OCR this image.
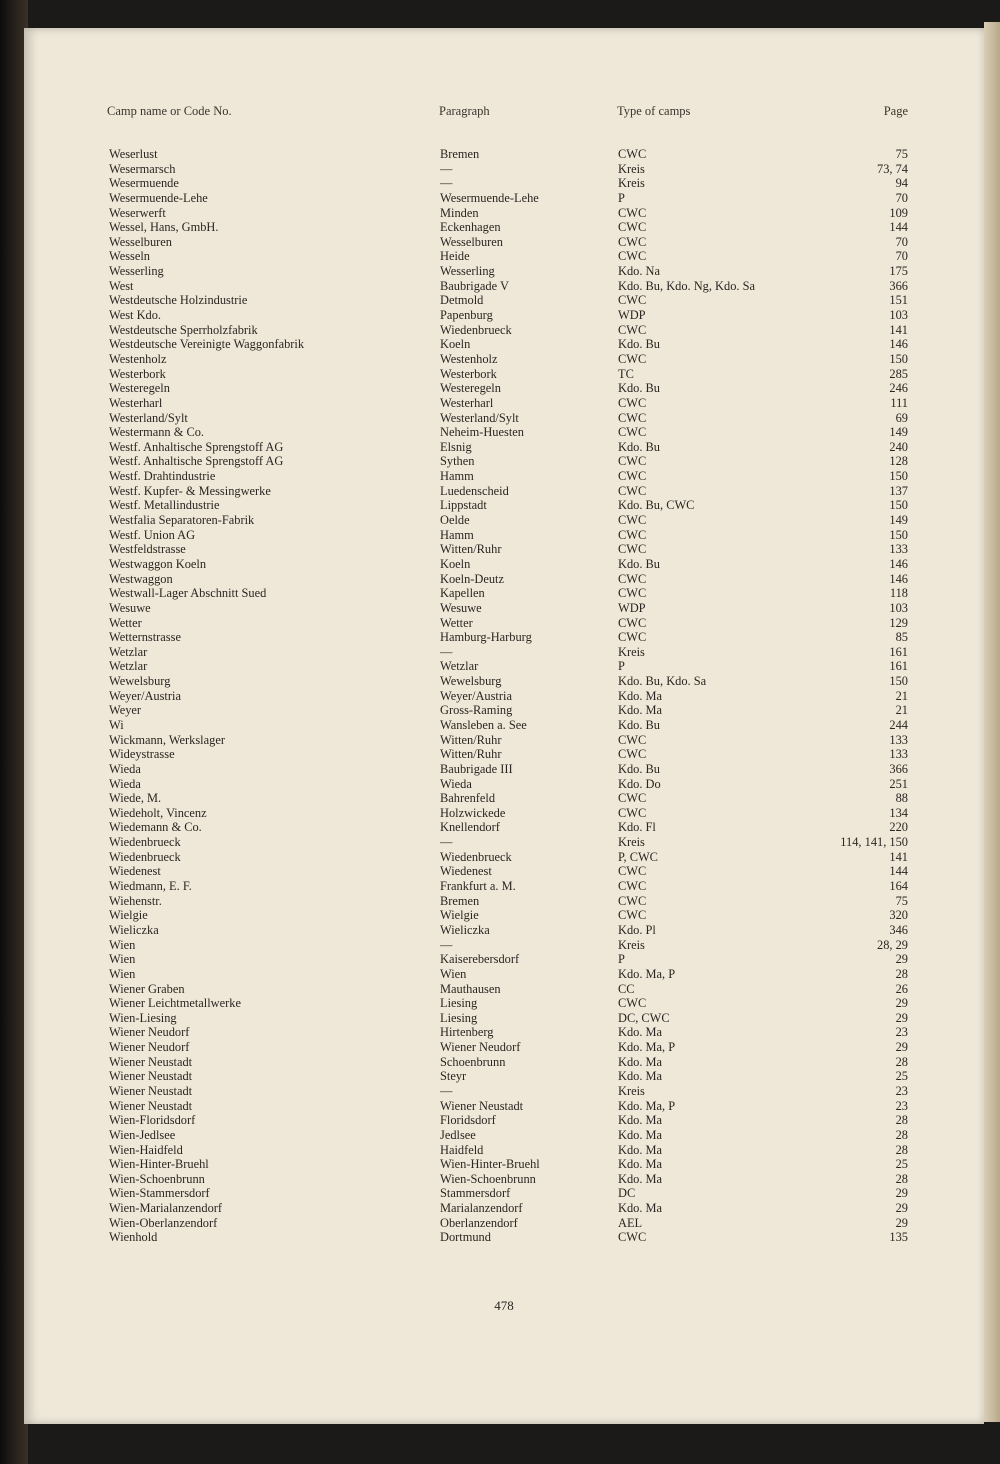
Camp name or Code No.	Paragraph	Type of camps	Page
Weserlust	Bremen	CWC	75
Wesermarsch	—	Kreis	73, 74
Wesermuende	—	Kreis	94
Wesermuende-Lehe	Wesermuende-Lehe	P	70
Weserwerft	Minden	CWC	109
Wessel, Hans, GmbH.	Eckenhagen	CWC	144
Wesselburen	Wesselburen	CWC	70
Wesseln	Heide	CWC	70
Wesserling	Wesserling	Kdo. Na	175
West	Baubrigade V	Kdo. Bu, Kdo. Ng, Kdo. Sa	366
Westdeutsche Holzindustrie	Detmold	CWC	151
West Kdo.	Papenburg	WDP	103
Westdeutsche Sperrholzfabrik	Wiedenbrueck	CWC	141
Westdeutsche Vereinigte Waggonfabrik	Koeln	Kdo. Bu	146
Westenholz	Westenholz	CWC	150
Westerbork	Westerbork	TC	285
Westeregeln	Westeregeln	Kdo. Bu	246
Westerharl	Westerharl	CWC	111
Westerland/Sylt	Westerland/Sylt	CWC	69
Westermann & Co.	Neheim-Huesten	CWC	149
Westf. Anhaltische Sprengstoff AG	Elsnig	Kdo. Bu	240
Westf. Anhaltische Sprengstoff AG	Sythen	CWC	128
Westf. Drahtindustrie	Hamm	CWC	150
Westf. Kupfer- & Messingwerke	Luedenscheid	CWC	137
Westf. Metallindustrie	Lippstadt	Kdo. Bu, CWC	150
Westfalia Separatoren-Fabrik	Oelde	CWC	149
Westf. Union AG	Hamm	CWC	150
Westfeldstrasse	Witten/Ruhr	CWC	133
Westwaggon Koeln	Koeln	Kdo. Bu	146
Westwaggon	Koeln-Deutz	CWC	146
Westwall-Lager Abschnitt Sued	Kapellen	CWC	118
Wesuwe	Wesuwe	WDP	103
Wetter	Wetter	CWC	129
Wetternstrasse	Hamburg-Harburg	CWC	85
Wetzlar	—	Kreis	161
Wetzlar	Wetzlar	P	161
Wewelsburg	Wewelsburg	Kdo. Bu, Kdo. Sa	150
Weyer/Austria	Weyer/Austria	Kdo. Ma	21
Weyer	Gross-Raming	Kdo. Ma	21
Wi	Wansleben a. See	Kdo. Bu	244
Wickmann, Werkslager	Witten/Ruhr	CWC	133
Wideystrasse	Witten/Ruhr	CWC	133
Wieda	Baubrigade III	Kdo. Bu	366
Wieda	Wieda	Kdo. Do	251
Wiede, M.	Bahrenfeld	CWC	88
Wiedeholt, Vincenz	Holzwickede	CWC	134
Wiedemann & Co.	Knellendorf	Kdo. Fl	220
Wiedenbrueck	—	Kreis	114, 141, 150
Wiedenbrueck	Wiedenbrueck	P, CWC	141
Wiedenest	Wiedenest	CWC	144
Wiedmann, E. F.	Frankfurt a. M.	CWC	164
Wiehenstr.	Bremen	CWC	75
Wielgie	Wielgie	CWC	320
Wieliczka	Wieliczka	Kdo. Pl	346
Wien	—	Kreis	28, 29
Wien	Kaiserebersdorf	P	29
Wien	Wien	Kdo. Ma, P	28
Wiener Graben	Mauthausen	CC	26
Wiener Leichtmetallwerke	Liesing	CWC	29
Wien-Liesing	Liesing	DC, CWC	29
Wiener Neudorf	Hirtenberg	Kdo. Ma	23
Wiener Neudorf	Wiener Neudorf	Kdo. Ma, P	29
Wiener Neustadt	Schoenbrunn	Kdo. Ma	28
Wiener Neustadt	Steyr	Kdo. Ma	25
Wiener Neustadt	—	Kreis	23
Wiener Neustadt	Wiener Neustadt	Kdo. Ma, P	23
Wien-Floridsdorf	Floridsdorf	Kdo. Ma	28
Wien-Jedlsee	Jedlsee	Kdo. Ma	28
Wien-Haidfeld	Haidfeld	Kdo. Ma	28
Wien-Hinter-Bruehl	Wien-Hinter-Bruehl	Kdo. Ma	25
Wien-Schoenbrunn	Wien-Schoenbrunn	Kdo. Ma	28
Wien-Stammersdorf	Stammersdorf	DC	29
Wien-Marialanzendorf	Marialanzendorf	Kdo. Ma	29
Wien-Oberlanzendorf	Oberlanzendorf	AEL	29
Wienhold	Dortmund	CWC	135
478
